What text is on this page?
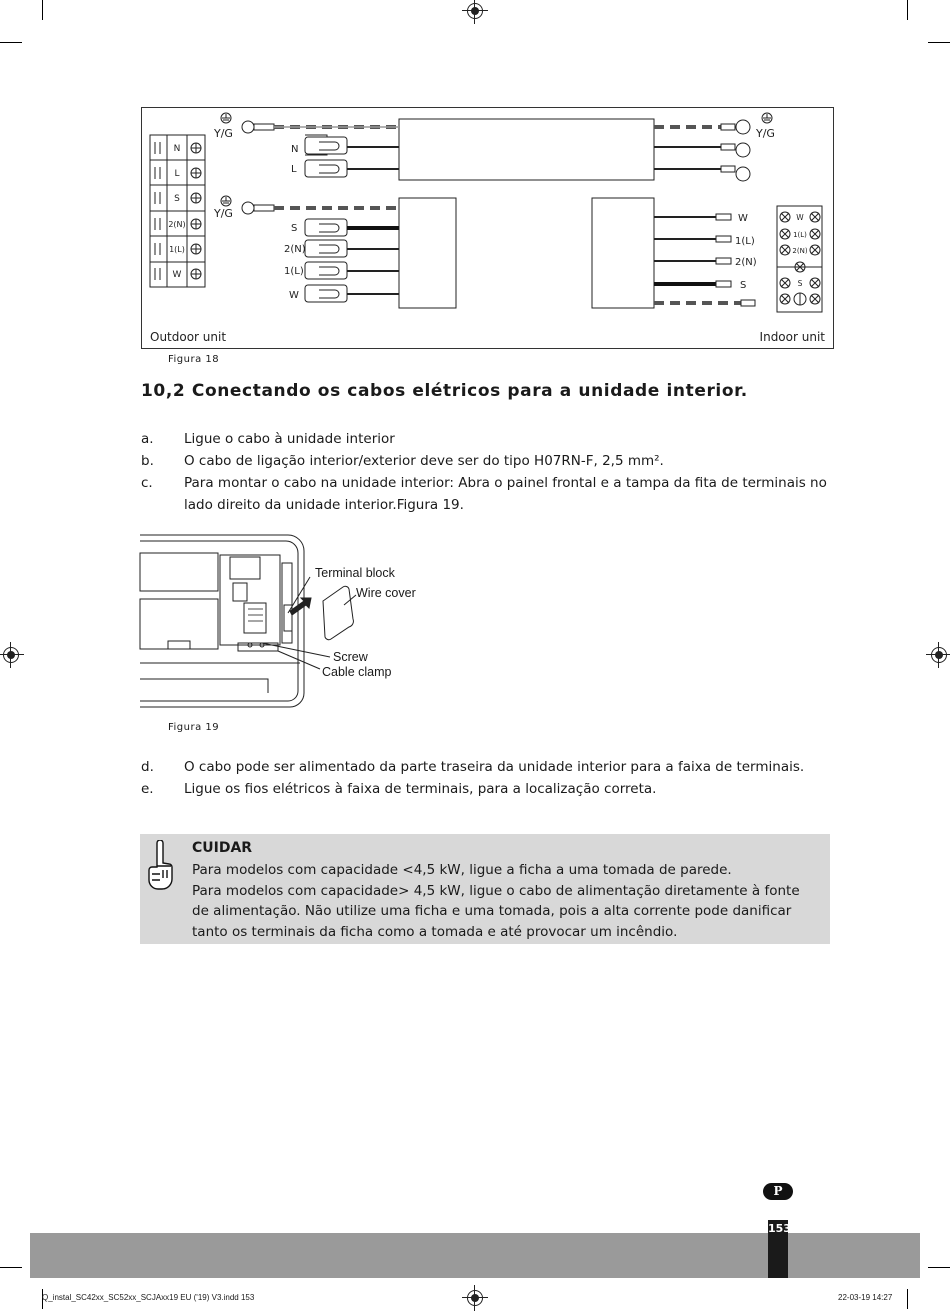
N
L
S
2(N)
1(L)
W
Y/G
Y/G
Y/G
N
L
S
2(N)
1(L)
W
W
1(L)
2(N)
S
W
1(L)
2(N)
S
Outdoor unit	Indoor unit
Figura 18
10,2 Conectando os cabos elétricos para a unidade interior.
a.	Ligue o cabo à unidade interior
b.	O cabo de ligação interior/exterior deve ser do tipo H07RN-F, 2,5 mm².
c.	Para montar o cabo na unidade interior: Abra o painel frontal e a tampa da fita de terminais no lado direito da unidade interior.Figura 19.
Terminal block
Wire cover
Screw
Cable clamp
Figura 19
d.	O cabo pode ser alimentado da parte traseira da unidade interior para a faixa de terminais.
e.	Ligue os fios elétricos à faixa de terminais, para a localização correta.
CUIDAR
Para modelos com capacidade <4,5 kW, ligue a ficha a uma tomada de parede.
Para modelos com capacidade> 4,5 kW, ligue o cabo de alimentação diretamente à fonte de alimentação. Não utilize uma ficha e uma tomada, pois a alta corrente pode danificar tanto os terminais da ficha como a tomada e até provocar um incêndio.
P
153
Q_instal_SC42xx_SC52xx_SCJAxx19 EU ('19) V3.indd 153	22-03-19 14:27
